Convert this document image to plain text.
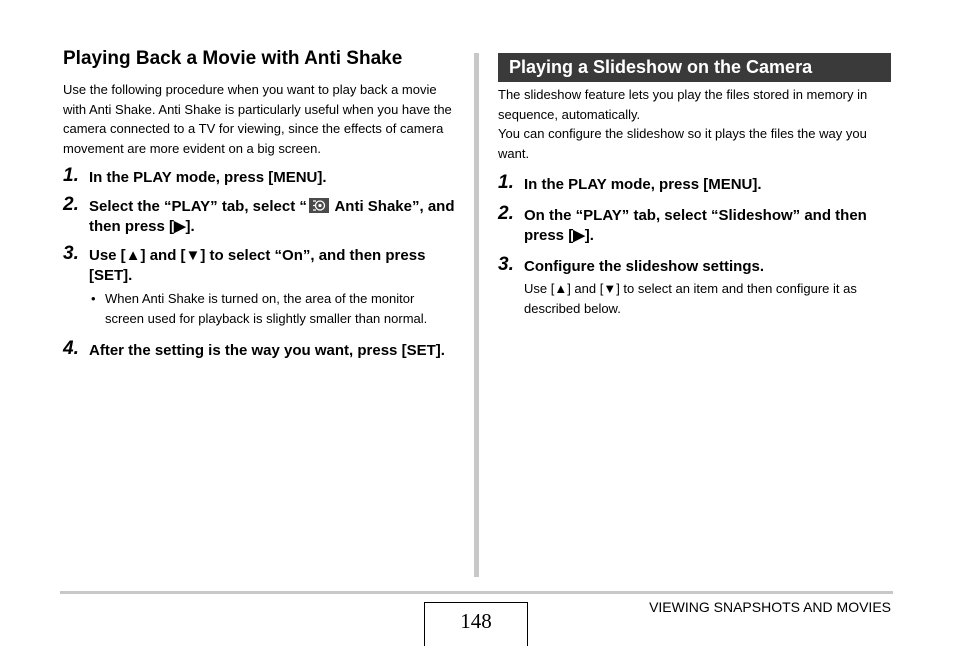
Playing Back a Movie with Anti Shake

Use the following procedure when you want to play back a movie with Anti Shake. Anti Shake is particularly useful when you have the camera connected to a TV for viewing, since the effects of camera movement are more evident on a big screen.

1. In the PLAY mode, press [MENU].
2. Select the “PLAY” tab, select “
Anti Shake”, and then press [▶].
3. Use [▲] and [▼] to select “On”, and then press [SET].
• When Anti Shake is turned on, the area of the monitor screen used for playback is slightly smaller than normal.
4. After the setting is the way you want, press [SET].
Playing a Slideshow on the Camera

The slideshow feature lets you play the files stored in memory in sequence, automatically.

You can configure the slideshow so it plays the files the way you want.

1. In the PLAY mode, press [MENU].
2. On the “PLAY” tab, select “Slideshow” and then press [▶].
3. Configure the slideshow settings.
Use [▲] and [▼] to select an item and then configure it as described below.
148
VIEWING SNAPSHOTS AND MOVIES
